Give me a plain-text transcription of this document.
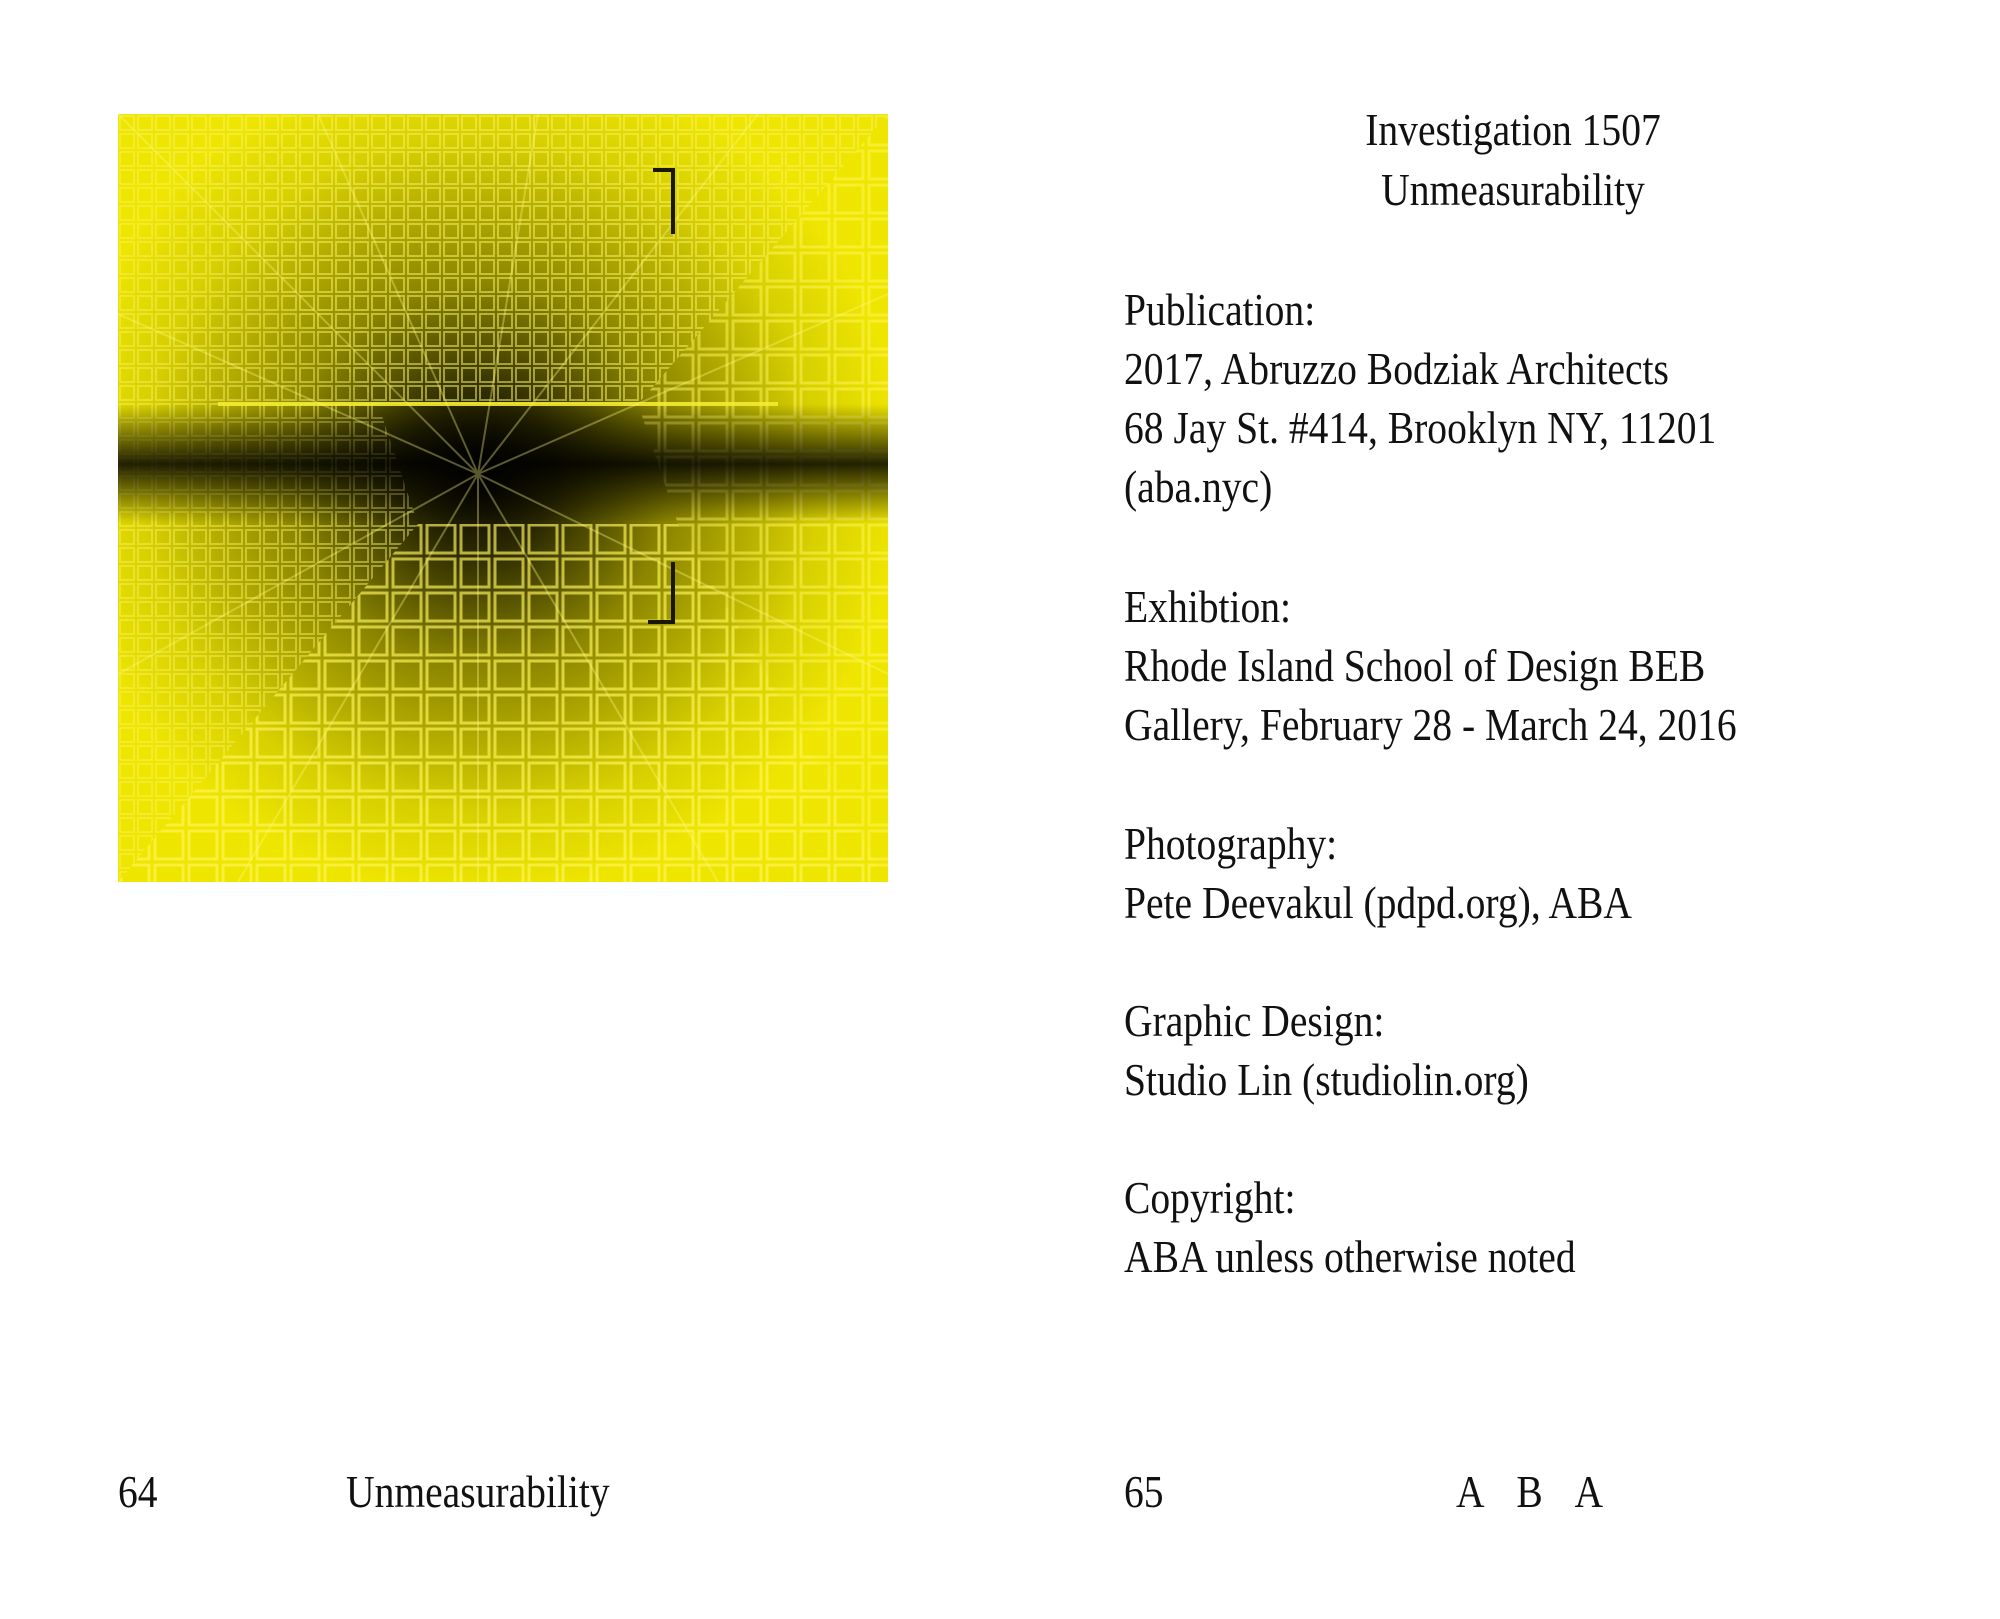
64	Unmeasurability
Investigation 1507
Unmeasurability
Publication:
2017, Abruzzo Bodziak Architects
68 Jay St. #414, Brooklyn NY, 11201
(aba.nyc)
Exhibtion:
Rhode Island School of Design BEB
Gallery, February 28 - March 24, 2016
Photography:
Pete Deevakul (pdpd.org), ABA
Graphic Design:
Studio Lin (studiolin.org)
Copyright:
ABA unless otherwise noted
65	A B A
